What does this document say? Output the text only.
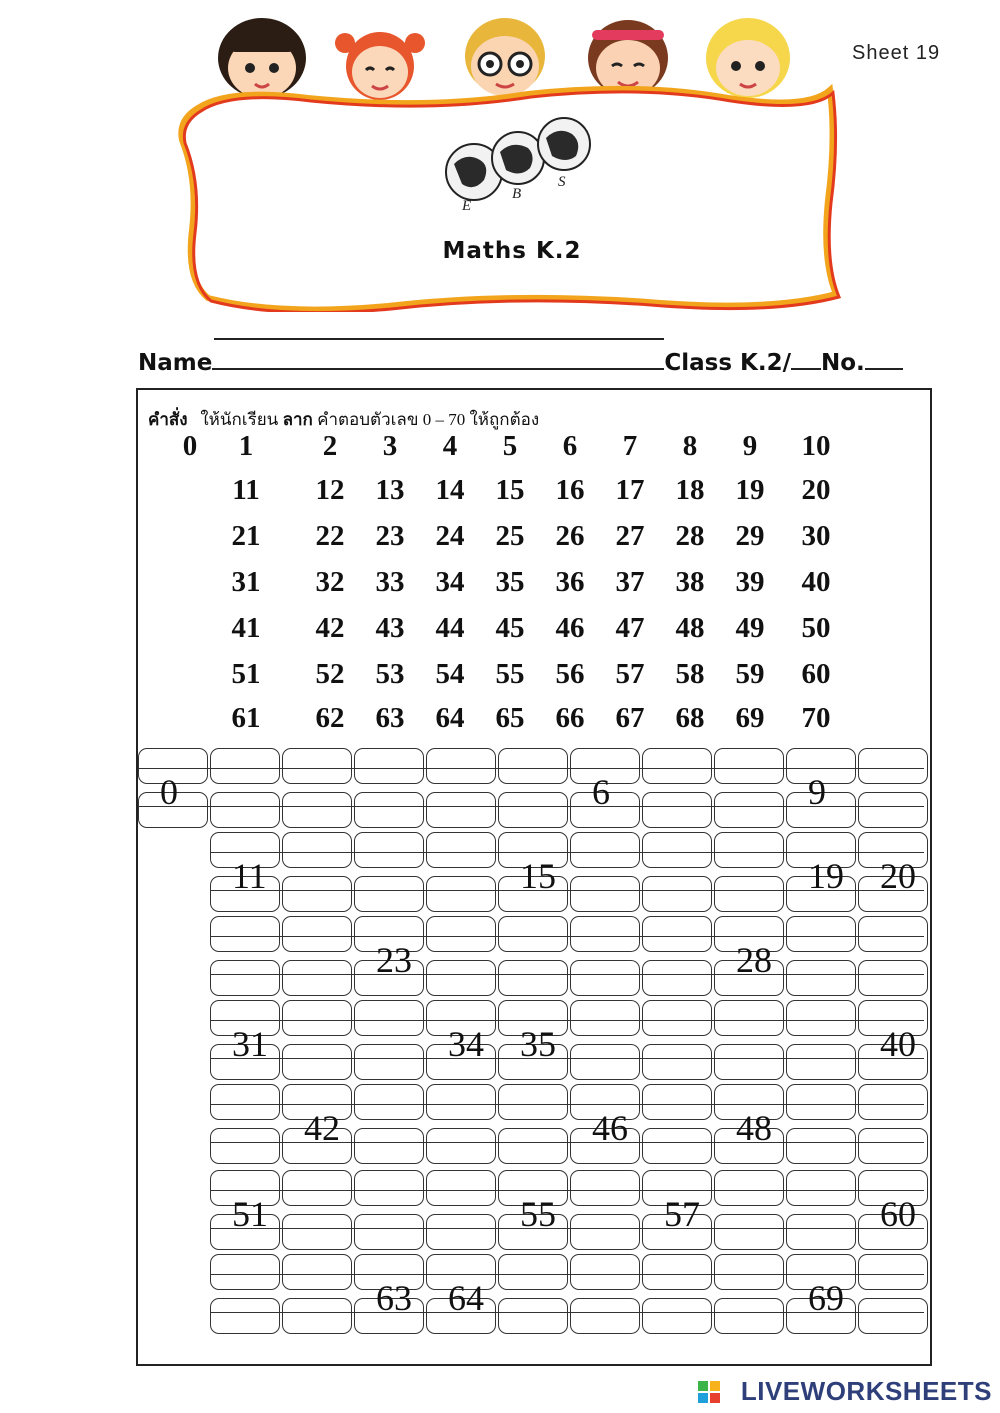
Sheet 19
E
B
S
Maths K.2
Name	Class K.2/ No.
คำสั่ง ให้นักเรียน ลาก คำตอบตัวเลข 0 – 70 ให้ถูกต้อง
0	1	2	3	4	5	6	7	8	9	10
11	12	13	14	15	16	17	18	19	20
21	22	23	24	25	26	27	28	29	30
31	32	33	34	35	36	37	38	39	40
41	42	43	44	45	46	47	48	49	50
51	52	53	54	55	56	57	58	59	60
61	62	63	64	65	66	67	68	69	70
0	6	9
11	15	19 20
23	28
31	34 35	40
42	46	48
51	55	57	60
63 64	69
LIVEWORKSHEETS
